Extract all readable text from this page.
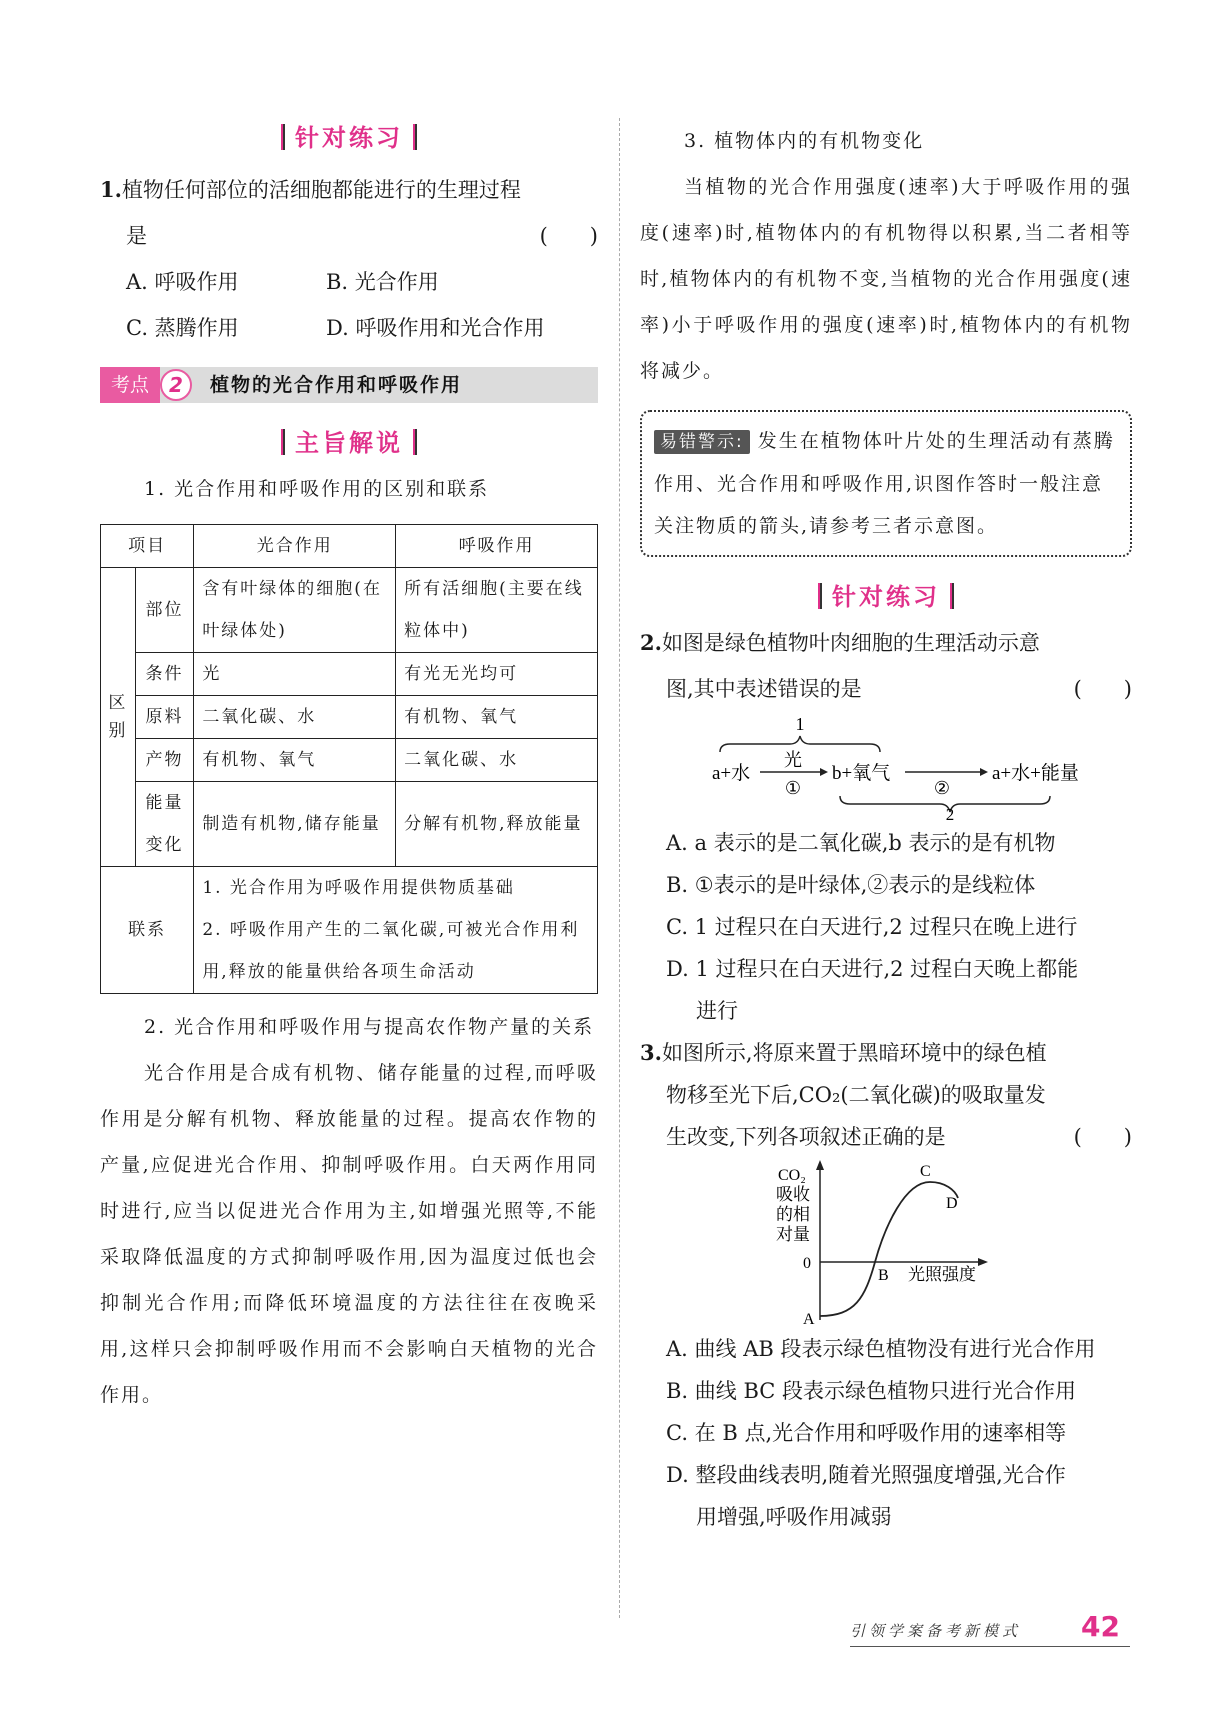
针对练习
1.植物任何部位的活细胞都能进行的生理过程
是	(　　)
A. 呼吸作用	B. 光合作用
C. 蒸腾作用	D. 呼吸作用和光合作用
考点	2	植物的光合作用和呼吸作用
主旨解说
1. 光合作用和呼吸作用的区别和联系
项目		光合作用	呼吸作用
区
别	部位	含有叶绿体的细胞(在叶绿体处)	所有活细胞(主要在线粒体中)
	条件	光	有光无光均可
	原料	二氧化碳、水	有机物、氧气
	产物	有机物、氧气	二氧化碳、水
	能量变化	制造有机物,储存能量	分解有机物,释放能量
联系		1. 光合作用为呼吸作用提供物质基础
2. 呼吸作用产生的二氧化碳,可被光合作用利用,释放的能量供给各项生命活动	
2. 光合作用和呼吸作用与提高农作物产量的关系
光合作用是合成有机物、储存能量的过程,而呼吸作用是分解有机物、释放能量的过程。提高农作物的产量,应促进光合作用、抑制呼吸作用。白天两作用同时进行,应当以促进光合作用为主,如增强光照等,不能采取降低温度的方式抑制呼吸作用,因为温度过低也会抑制光合作用;而降低环境温度的方法往往在夜晚采用,这样只会抑制呼吸作用而不会影响白天植物的光合作用。
3. 植物体内的有机物变化
当植物的光合作用强度(速率)大于呼吸作用的强度(速率)时,植物体内的有机物得以积累,当二者相等时,植物体内的有机物不变,当植物的光合作用强度(速率)小于呼吸作用的强度(速率)时,植物体内的有机物将减少。
易错警示: 发生在植物体叶片处的生理活动有蒸腾作用、光合作用和呼吸作用,识图作答时一般注意关注物质的箭头,请参考三者示意图。
针对练习
2.如图是绿色植物叶肉细胞的生理活动示意
图,其中表述错误的是	(　　)
1
a+水
光
①
b+氧气
②
a+水+能量
2
A. a 表示的是二氧化碳,b 表示的是有机物
B. ①表示的是叶绿体,②表示的是线粒体
C. 1 过程只在白天进行,2 过程只在晚上进行
D. 1 过程只在白天进行,2 过程白天晚上都能
进行
3.如图所示,将原来置于黑暗环境中的绿色植
物移至光下后,CO₂(二氧化碳)的吸取量发
生改变,下列各项叙述正确的是	(　　)
CO₂
吸收
的相
对量
0
光照强度
A
B
C
D
A. 曲线 AB 段表示绿色植物没有进行光合作用
B. 曲线 BC 段表示绿色植物只进行光合作用
C. 在 B 点,光合作用和呼吸作用的速率相等
D. 整段曲线表明,随着光照强度增强,光合作
用增强,呼吸作用减弱
引领学案备考新模式 42
